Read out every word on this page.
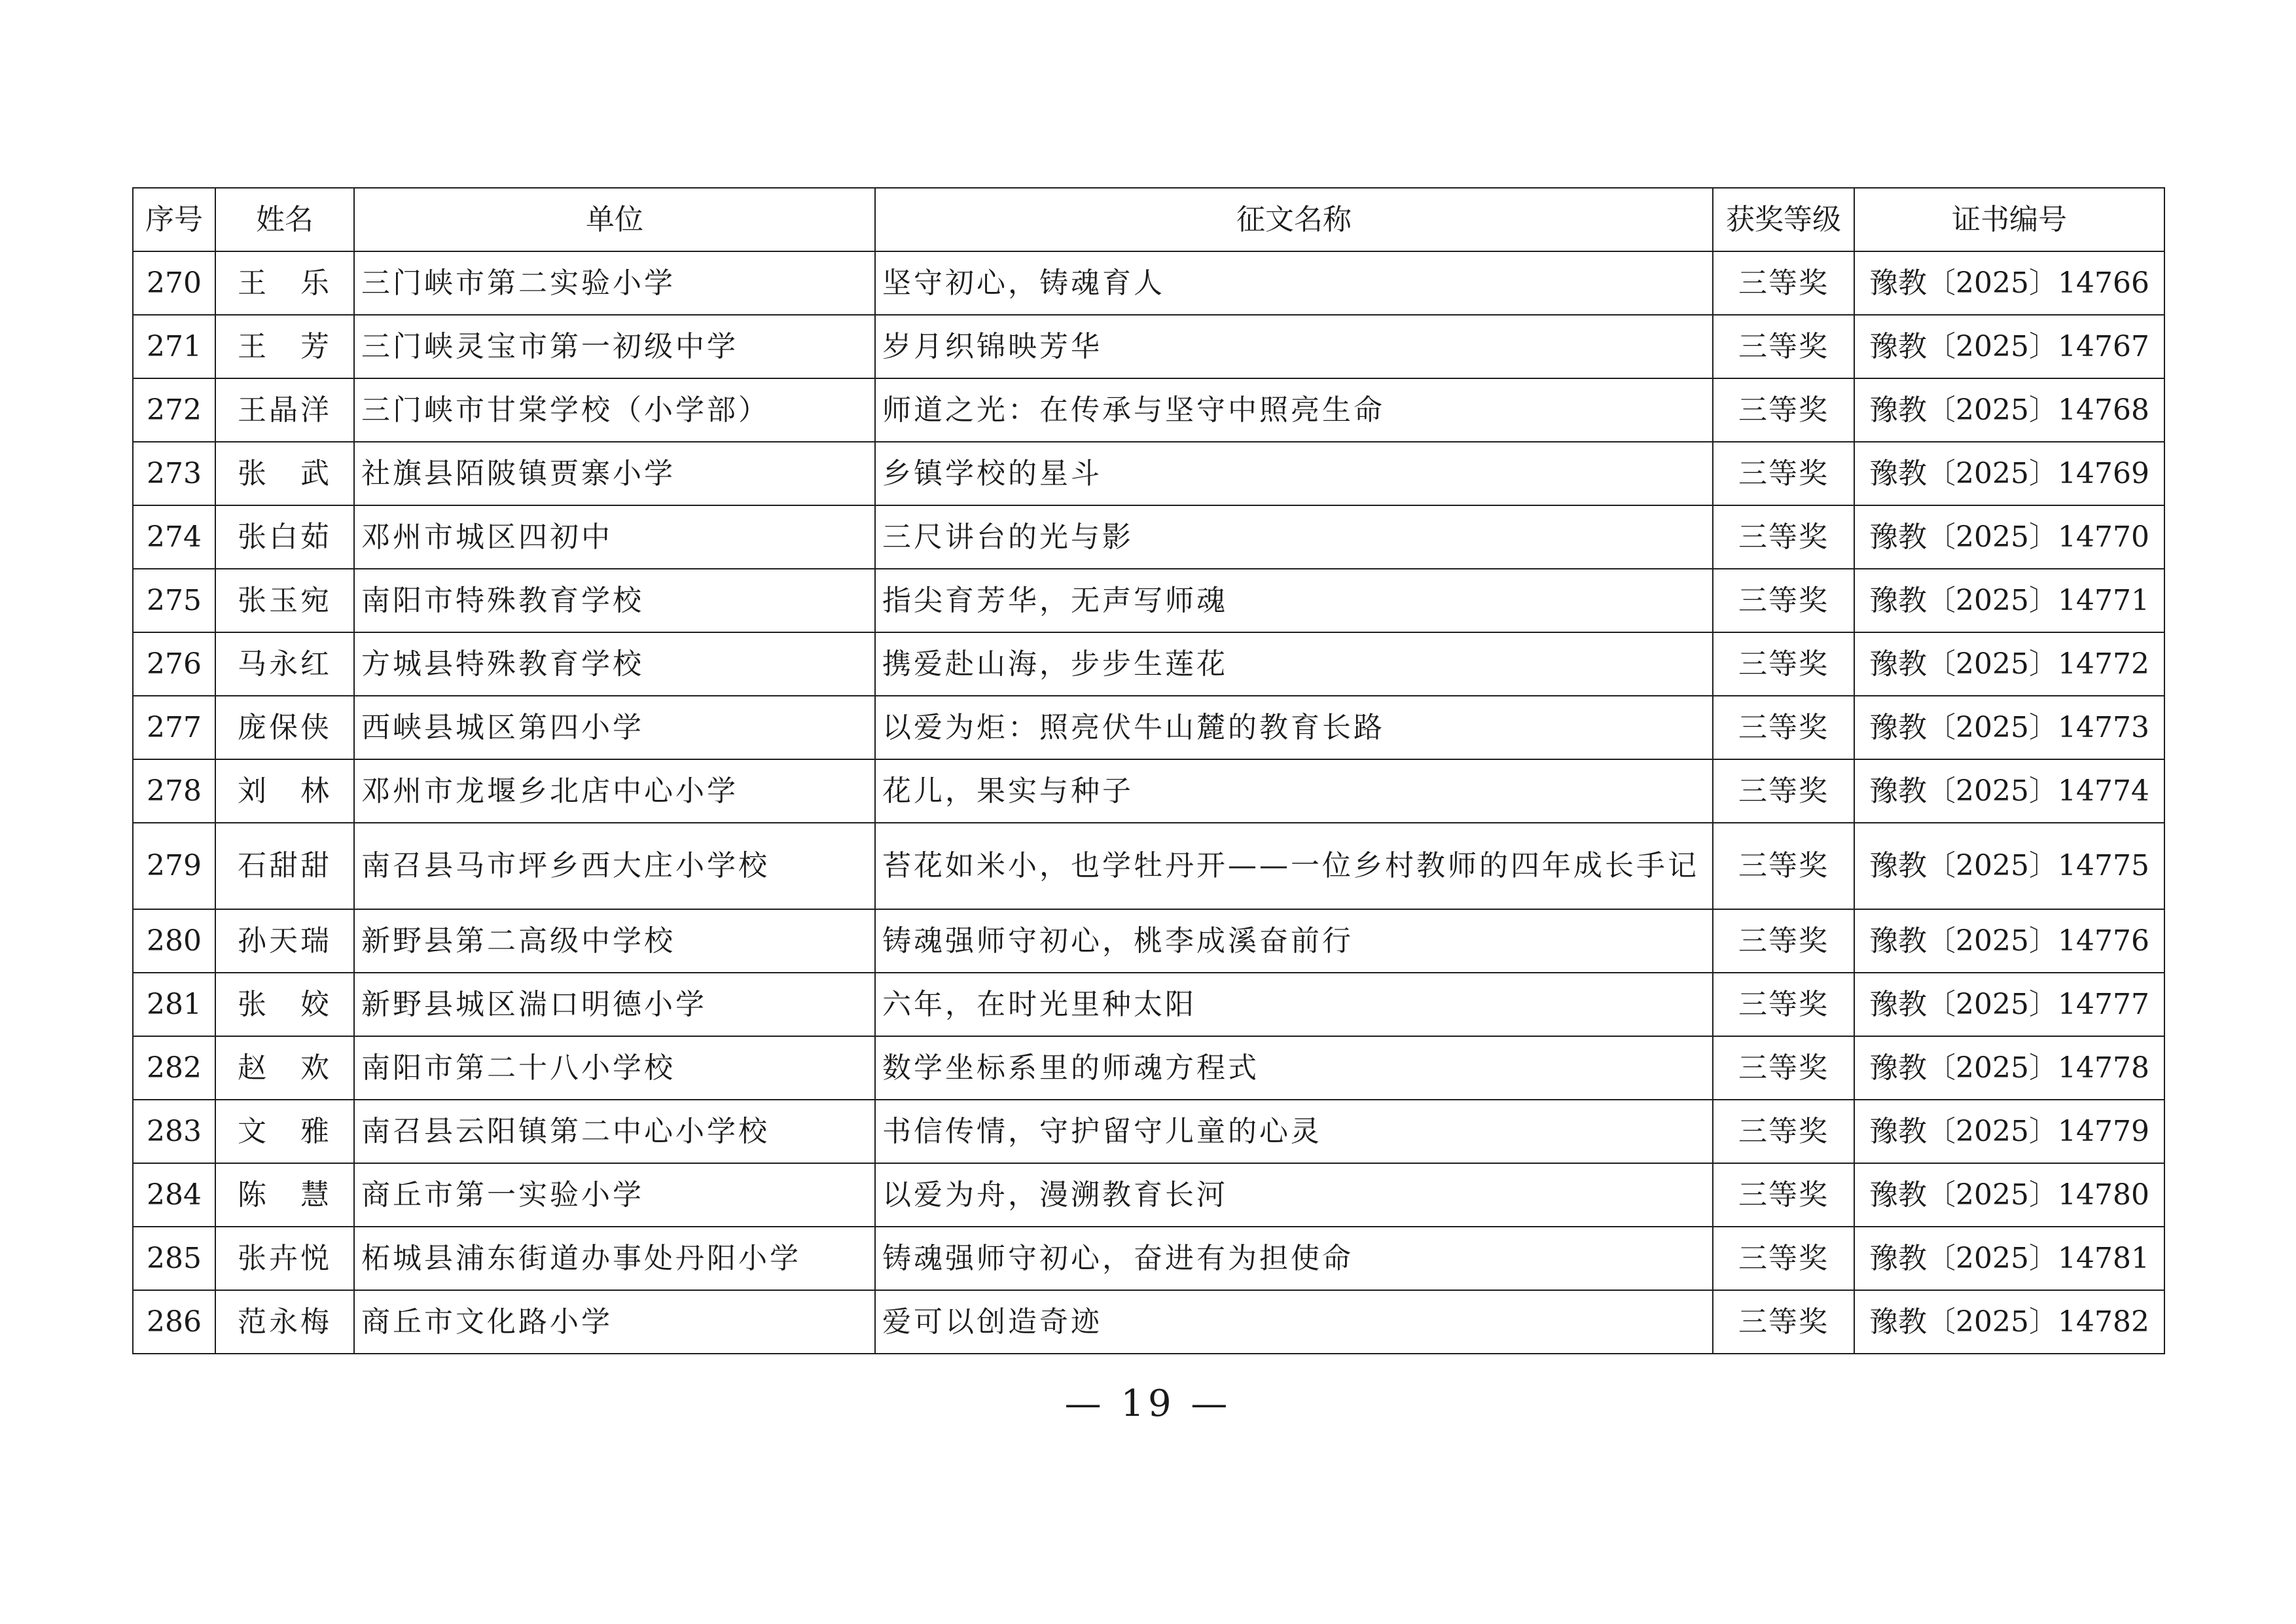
序号	姓名	单位	征文名称	获奖等级	证书编号
270	王　乐	三门峡市第二实验小学	坚守初心，铸魂育人	三等奖	豫教〔2025〕14766
271	王　芳	三门峡灵宝市第一初级中学	岁月织锦映芳华	三等奖	豫教〔2025〕14767
272	王晶洋	三门峡市甘棠学校（小学部）	师道之光：在传承与坚守中照亮生命	三等奖	豫教〔2025〕14768
273	张　武	社旗县陌陂镇贾寨小学	乡镇学校的星斗	三等奖	豫教〔2025〕14769
274	张白茹	邓州市城区四初中	三尺讲台的光与影	三等奖	豫教〔2025〕14770
275	张玉宛	南阳市特殊教育学校	指尖育芳华，无声写师魂	三等奖	豫教〔2025〕14771
276	马永红	方城县特殊教育学校	携爱赴山海，步步生莲花	三等奖	豫教〔2025〕14772
277	庞保侠	西峡县城区第四小学	以爱为炬：照亮伏牛山麓的教育长路	三等奖	豫教〔2025〕14773
278	刘　林	邓州市龙堰乡北店中心小学	花儿，果实与种子	三等奖	豫教〔2025〕14774
279	石甜甜	南召县马市坪乡西大庄小学校	苔花如米小，也学牡丹开——一位乡村教师的四年成长手记	三等奖	豫教〔2025〕14775
280	孙天瑞	新野县第二高级中学校	铸魂强师守初心，桃李成溪奋前行	三等奖	豫教〔2025〕14776
281	张　姣	新野县城区湍口明德小学	六年，在时光里种太阳	三等奖	豫教〔2025〕14777
282	赵　欢	南阳市第二十八小学校	数学坐标系里的师魂方程式	三等奖	豫教〔2025〕14778
283	文　雅	南召县云阳镇第二中心小学校	书信传情，守护留守儿童的心灵	三等奖	豫教〔2025〕14779
284	陈　慧	商丘市第一实验小学	以爱为舟，漫溯教育长河	三等奖	豫教〔2025〕14780
285	张卉悦	柘城县浦东街道办事处丹阳小学	铸魂强师守初心，奋进有为担使命	三等奖	豫教〔2025〕14781
286	范永梅	商丘市文化路小学	爱可以创造奇迹	三等奖	豫教〔2025〕14782
— 19 —
